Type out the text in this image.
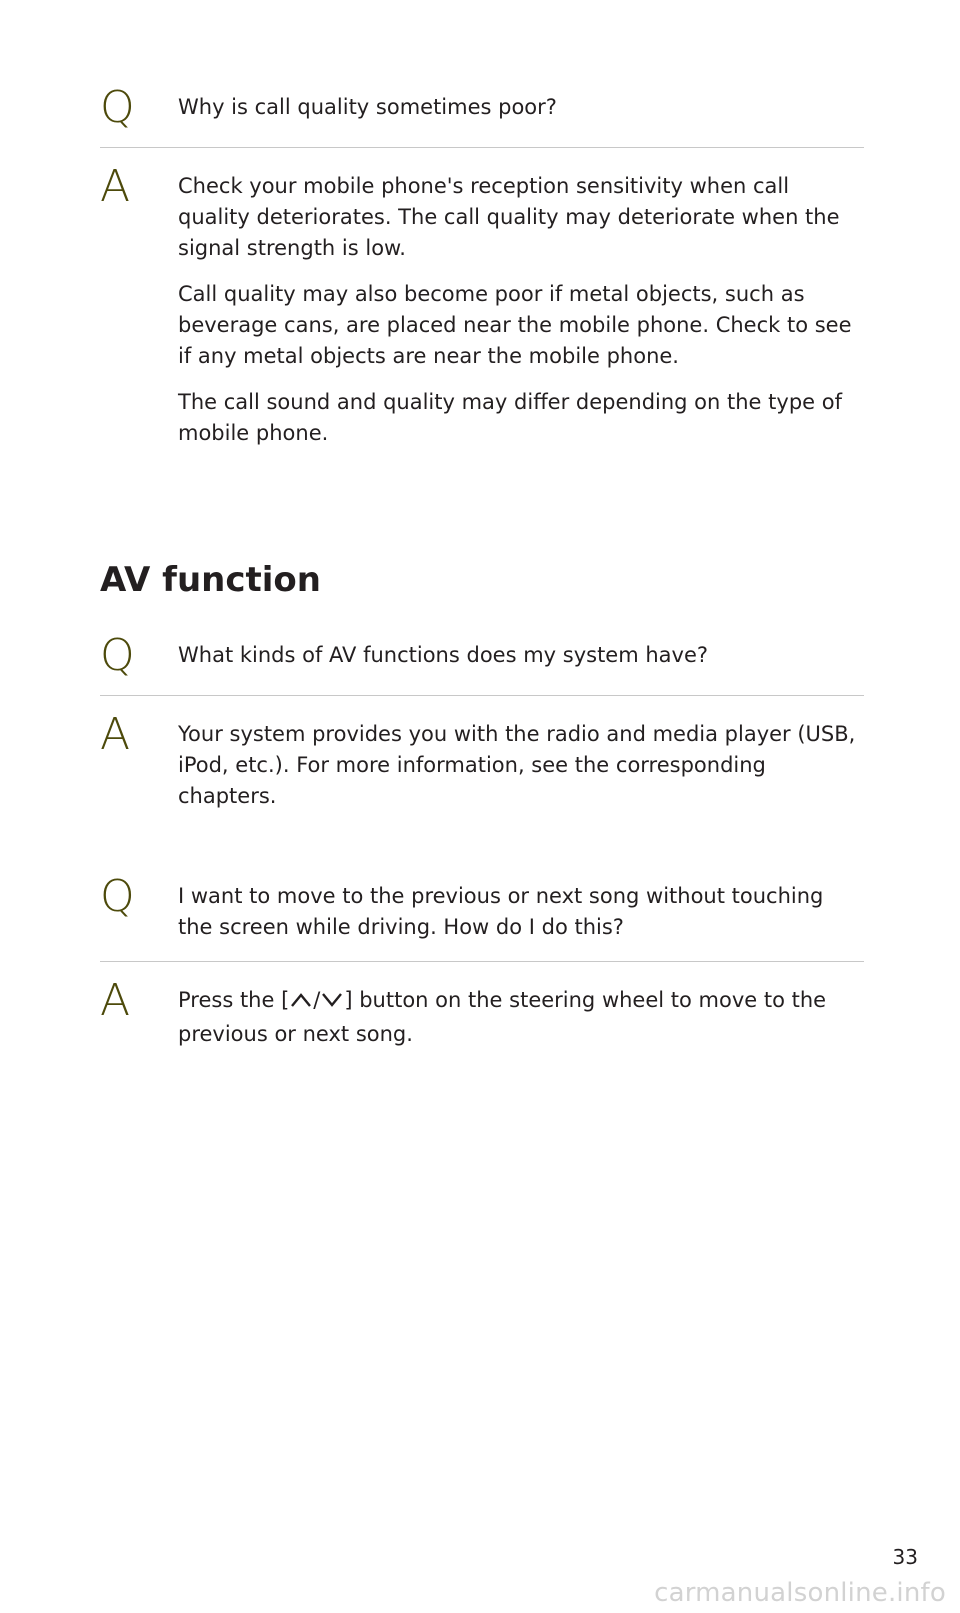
Q	Why is call quality sometimes poor?
A	Check your mobile phone's reception sensitivity when call quality deteriorates. The call quality may deteriorate when the signal strength is low.

Call quality may also become poor if metal objects, such as beverage cans, are placed near the mobile phone. Check to see if any metal objects are near the mobile phone.

The call sound and quality may differ depending on the type of mobile phone.

AV function
Q	What kinds of AV functions does my system have?
A	Your system provides you with the radio and media player (USB, iPod, etc.). For more information, see the corresponding chapters.

Q	I want to move to the previous or next song without touching the screen while driving. How do I do this?
A	Press the [ / ] button on the steering wheel to move to the previous or next song.

33
carmanualsonline.info
